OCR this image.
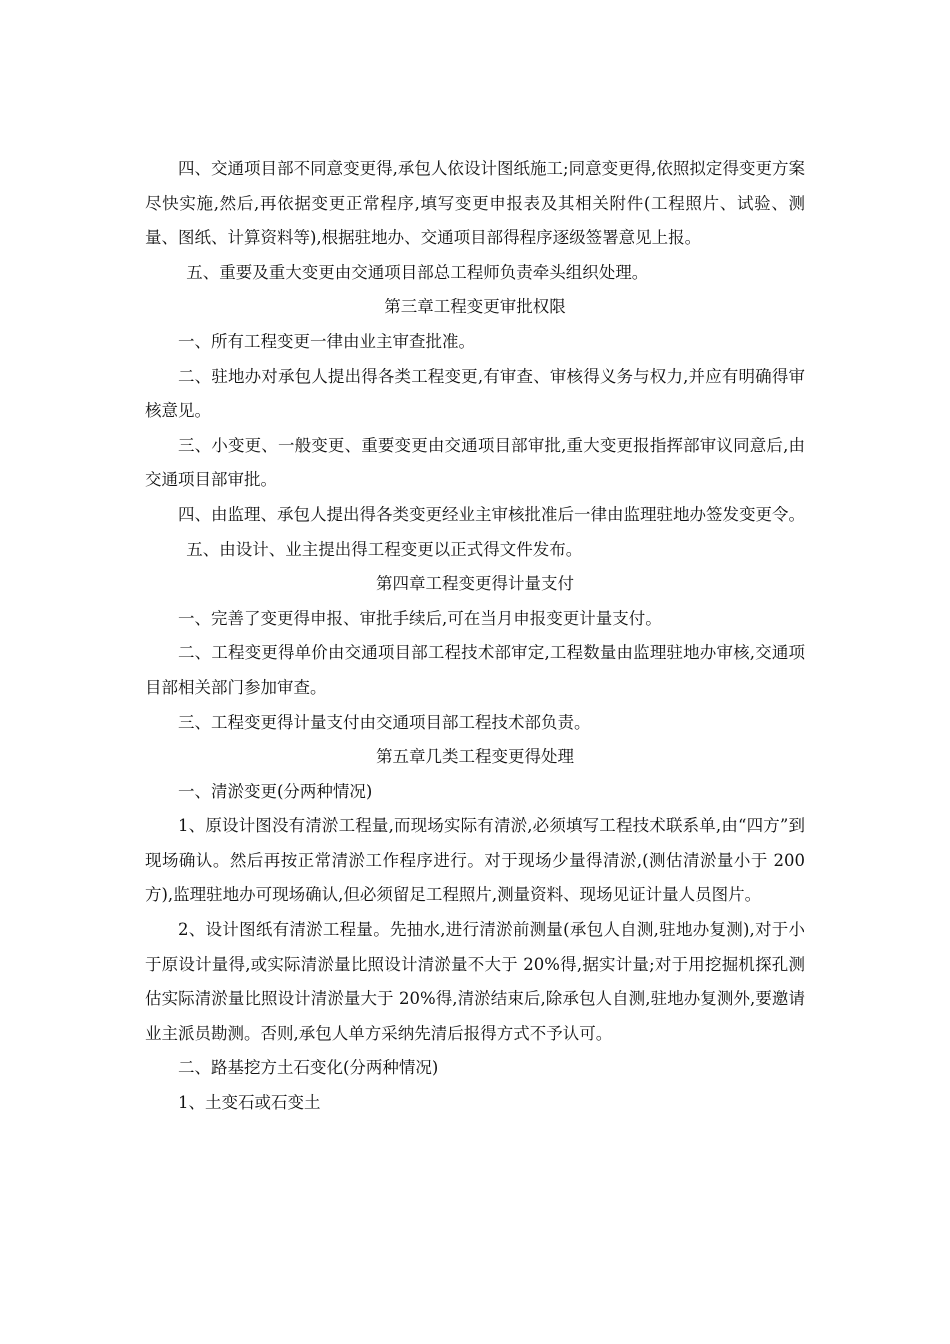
四、交通项目部不同意变更得,承包人依设计图纸施工;同意变更得,依照拟定得变更方案尽快实施,然后,再依据变更正常程序,填写变更申报表及其相关附件(工程照片、试验、测量、图纸、计算资料等),根据驻地办、交通项目部得程序逐级签署意见上报。

五、重要及重大变更由交通项目部总工程师负责牵头组织处理。

第三章工程变更审批权限

一、所有工程变更一律由业主审查批准。

二、驻地办对承包人提出得各类工程变更,有审查、审核得义务与权力,并应有明确得审核意见。

三、小变更、一般变更、重要变更由交通项目部审批,重大变更报指挥部审议同意后,由交通项目部审批。

四、由监理、承包人提出得各类变更经业主审核批准后一律由监理驻地办签发变更令。

五、由设计、业主提出得工程变更以正式得文件发布。

第四章工程变更得计量支付

一、完善了变更得申报、审批手续后,可在当月申报变更计量支付。

二、工程变更得单价由交通项目部工程技术部审定,工程数量由监理驻地办审核,交通项目部相关部门参加审查。

三、工程变更得计量支付由交通项目部工程技术部负责。

第五章几类工程变更得处理

一、清淤变更(分两种情况)

1、原设计图没有清淤工程量,而现场实际有清淤,必须填写工程技术联系单,由“四方”到现场确认。然后再按正常清淤工作程序进行。对于现场少量得清淤,(测估清淤量小于 200 方),监理驻地办可现场确认,但必须留足工程照片,测量资料、现场见证计量人员图片。

2、设计图纸有清淤工程量。先抽水,进行清淤前测量(承包人自测,驻地办复测),对于小于原设计量得,或实际清淤量比照设计清淤量不大于 20%得,据实计量;对于用挖掘机探孔测估实际清淤量比照设计清淤量大于 20%得,清淤结束后,除承包人自测,驻地办复测外,要邀请业主派员勘测。否则,承包人单方采纳先清后报得方式不予认可。

二、路基挖方土石变化(分两种情况)

1、土变石或石变土
